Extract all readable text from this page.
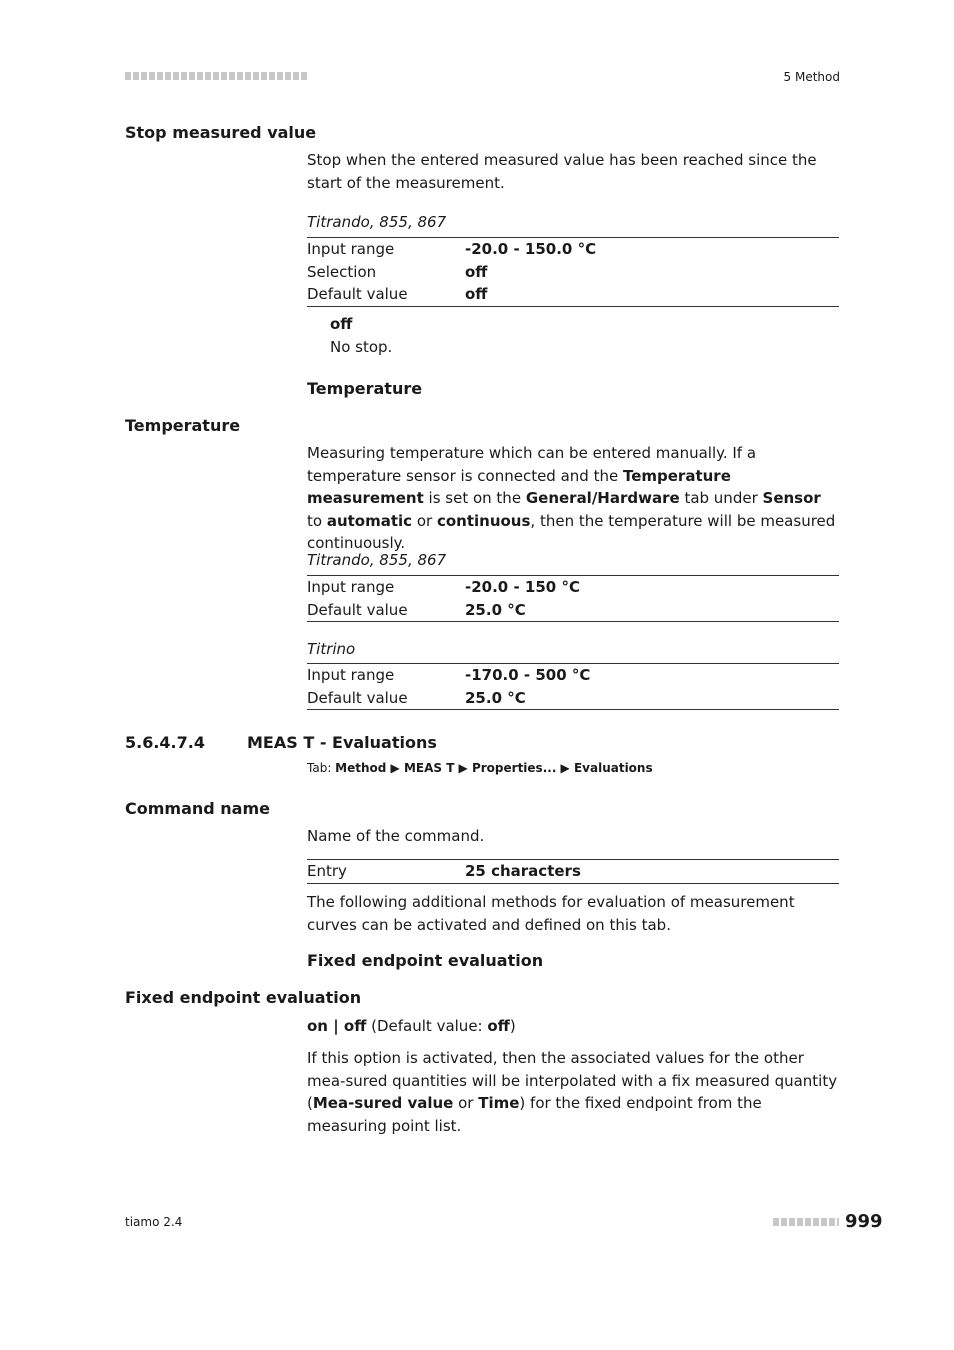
5 Method
Stop measured value
Stop when the entered measured value has been reached since the start of the measurement.
Titrando, 855, 867
Input range	-20.0 - 150.0 °C
Selection	off
Default value	off
off
No stop.
Temperature
Temperature
Measuring temperature which can be entered manually. If a temperature sensor is connected and the Temperature measurement is set on the General/Hardware tab under Sensor to automatic or continuous, then the temperature will be measured continuously.
Titrando, 855, 867
Input range	-20.0 - 150 °C
Default value	25.0 °C
Titrino
Input range	-170.0 - 500 °C
Default value	25.0 °C
5.6.4.7.4	MEAS T - Evaluations
Tab: Method ▶ MEAS T ▶ Properties... ▶ Evaluations
Command name
Name of the command.
Entry	25 characters
The following additional methods for evaluation of measurement curves can be activated and defined on this tab.
Fixed endpoint evaluation
Fixed endpoint evaluation
on | off (Default value: off)
If this option is activated, then the associated values for the other mea-sured quantities will be interpolated with a fix measured quantity (Mea-sured value or Time) for the fixed endpoint from the measuring point list.
tiamo 2.4	999
